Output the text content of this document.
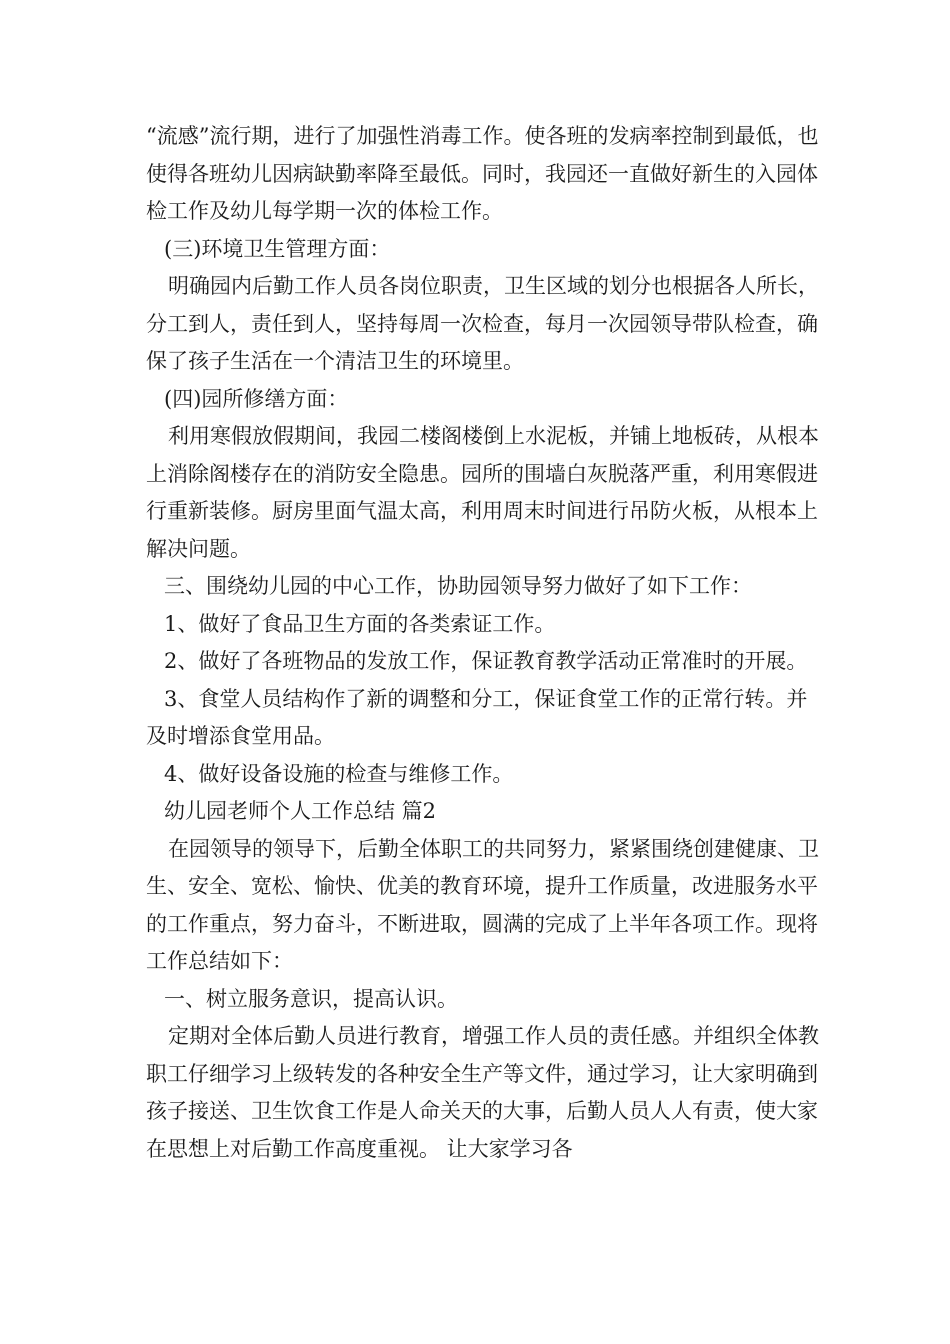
“流感”流行期，进行了加强性消毒工作。使各班的发病率控制到最低，也使得各班幼儿因病缺勤率降至最低。同时，我园还一直做好新生的入园体检工作及幼儿每学期一次的体检工作。

(三)环境卫生管理方面：

明确园内后勤工作人员各岗位职责，卫生区域的划分也根据各人所长，分工到人，责任到人，坚持每周一次检查，每月一次园领导带队检查，确保了孩子生活在一个清洁卫生的环境里。

(四)园所修缮方面：

利用寒假放假期间，我园二楼阁楼倒上水泥板，并铺上地板砖，从根本上消除阁楼存在的消防安全隐患。园所的围墙白灰脱落严重，利用寒假进行重新装修。厨房里面气温太高，利用周末时间进行吊防火板，从根本上解决问题。

三、围绕幼儿园的中心工作，协助园领导努力做好了如下工作：

1、做好了食品卫生方面的各类索证工作。

2、做好了各班物品的发放工作，保证教育教学活动正常准时的开展。

3、食堂人员结构作了新的调整和分工，保证食堂工作的正常行转。并及时增添食堂用品。

4、做好设备设施的检查与维修工作。

幼儿园老师个人工作总结 篇2

在园领导的领导下，后勤全体职工的共同努力，紧紧围绕创建健康、卫生、安全、宽松、愉快、优美的教育环境，提升工作质量，改进服务水平的工作重点，努力奋斗，不断进取，圆满的完成了上半年各项工作。现将工作总结如下：

一、树立服务意识，提高认识。

定期对全体后勤人员进行教育，增强工作人员的责任感。并组织全体教职工仔细学习上级转发的各种安全生产等文件，通过学习，让大家明确到孩子接送、卫生饮食工作是人命关天的大事，后勤人员人人有责，使大家在思想上对后勤工作高度重视。 让大家学习各
